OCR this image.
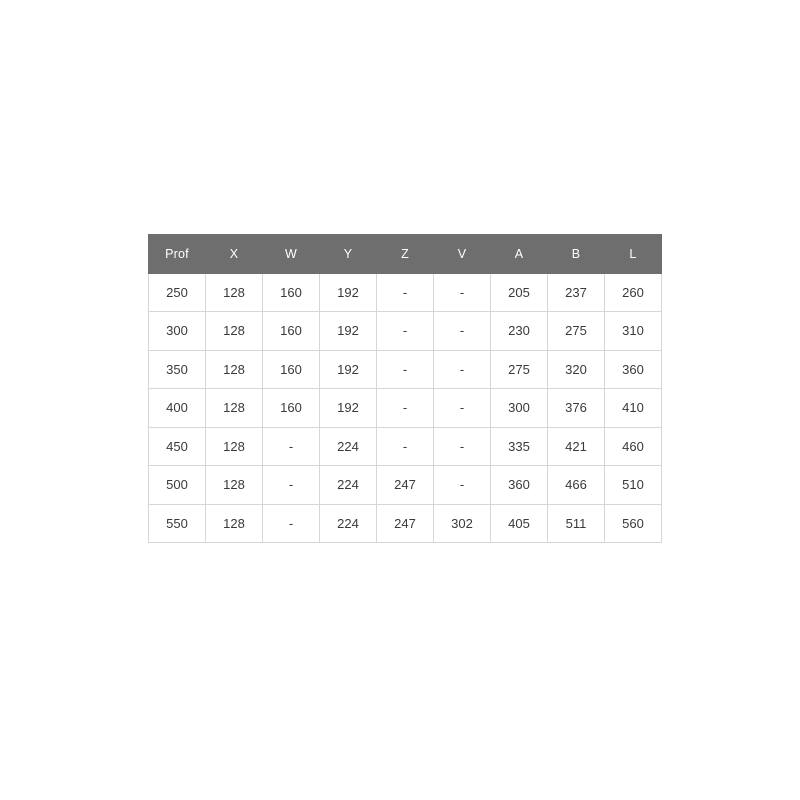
Prof	X	W	Y	Z	V	A	B	L
250	128	160	192	-	-	205	237	260
300	128	160	192	-	-	230	275	310
350	128	160	192	-	-	275	320	360
400	128	160	192	-	-	300	376	410
450	128	-	224	-	-	335	421	460
500	128	-	224	247	-	360	466	510
550	128	-	224	247	302	405	511	560
